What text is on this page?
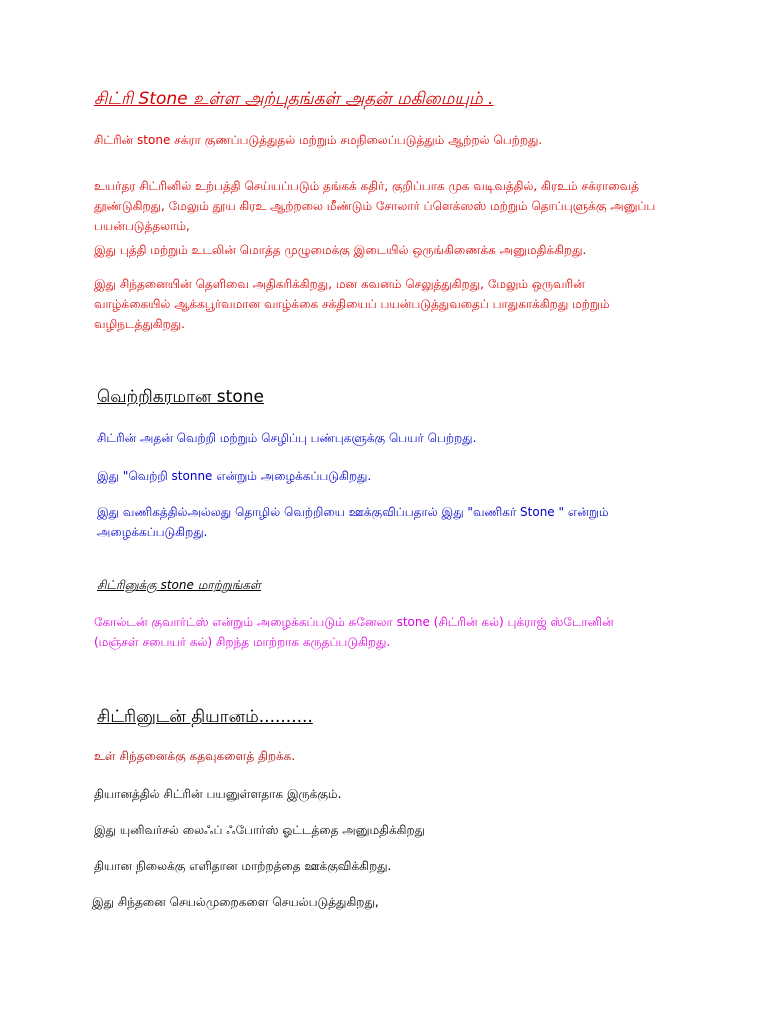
சிட்ரி Stone உள்ள அற்புதங்கள் அதன் மகிமையும் .
சிட்ரின் stone சக்ரா குணப்படுத்துதல் மற்றும் சமநிலைப்படுத்தும் ஆற்றல் பெற்றது.
உயர்தர சிட்ரினில் உற்பத்தி செய்யப்படும் தங்கக் கதிர், குறிப்பாக முக வடிவத்தில், கிரஉம் சக்ராவைத்
தூண்டுகிறது, மேலும் தூய கிரஉ ஆற்றலை மீண்டும் சோலார் ப்ளெக்ஸஸ் மற்றும் தொப்புளுக்கு அனுப்ப
பயன்படுத்தலாம்,
இது புத்தி மற்றும் உடலின் மொத்த முழுமைக்கு இடையில் ஒருங்கிணைக்க அனுமதிக்கிறது.
இது சிந்தனையின் தெளிவை அதிகரிக்கிறது, மன கவனம் செலுத்துகிறது, மேலும் ஒருவரின்
வாழ்க்கையில் ஆக்கபூர்வமான வாழ்க்கை சக்தியைப் பயன்படுத்துவதைப் பாதுகாக்கிறது மற்றும்
வழிநடத்துகிறது.
வெற்றிகரமான stone
சிட்ரின் அதன் வெற்றி மற்றும் செழிப்பு பண்புகளுக்கு பெயர் பெற்றது.
இது "வெற்றி stonne என்றும் அழைக்கப்படுகிறது.
இது வணிகத்தில்அல்லது தொழில் வெற்றியை ஊக்குவிப்பதால் இது "வணிகர் Stone " என்றும்
அழைக்கப்படுகிறது.
சிட்ரினுக்கு stone மாற்றுங்கள்
கோல்டன் குவார்ட்ஸ் என்றும் அழைக்கப்படும் சுனேலா stone (சிட்ரின் கல்) புக்ராஜ் ஸ்டோனின்
(மஞ்சள் சபையர் கல்) சிறந்த மாற்றாக கருதப்படுகிறது.
சிட்ரினுடன் தியானம்..........
உள் சிந்தனைக்கு கதவுகளைத் திறக்க.
தியானத்தில் சிட்ரின் பயனுள்ளதாக இருக்கும்.
இது யுனிவர்சல் லைஃப் ஃபோர்ஸ் ஓட்டத்தை அனுமதிக்கிறது
தியான நிலைக்கு எளிதான மாற்றத்தை ஊக்குவிக்கிறது.
இது சிந்தனை செயல்முறைகளை செயல்படுத்துகிறது,
